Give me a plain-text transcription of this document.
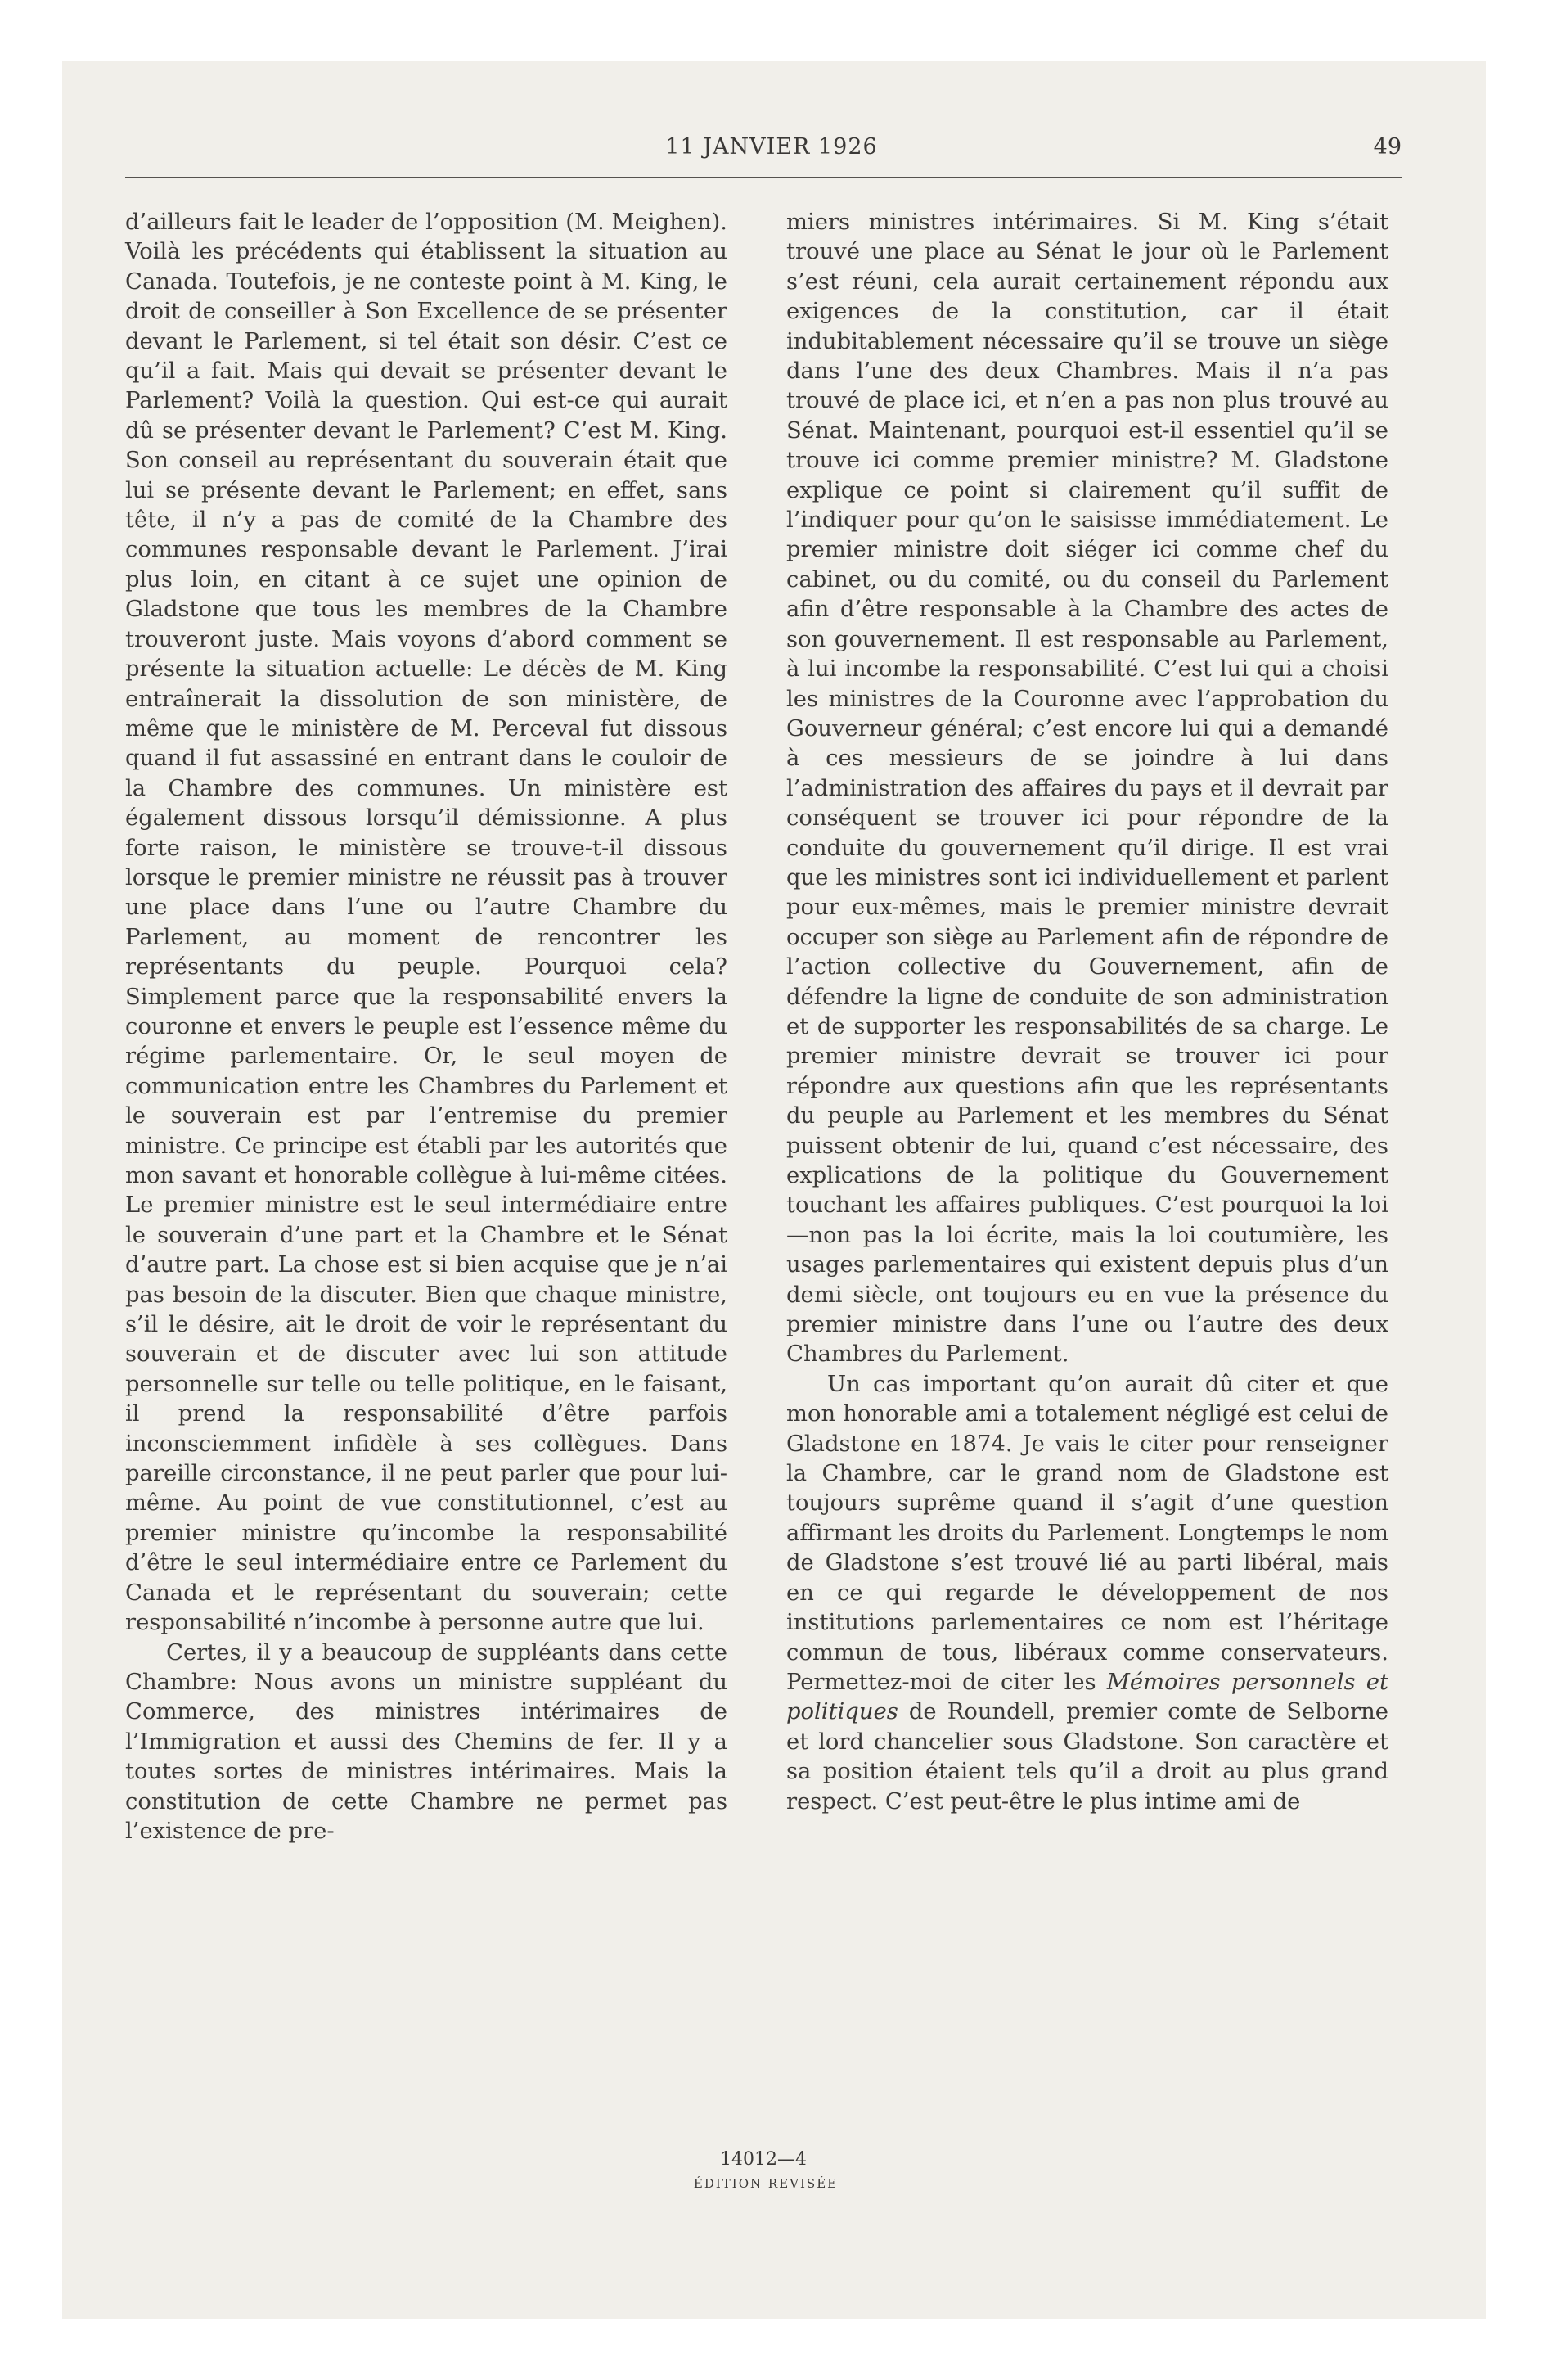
11 JANVIER 1926	49

d’ailleurs fait le leader de l’opposition (M. Meighen). Voilà les précédents qui établissent la situation au Canada. Toutefois, je ne conteste point à M. King, le droit de conseiller à Son Excellence de se présenter devant le Parlement, si tel était son désir. C’est ce qu’il a fait. Mais qui devait se présenter devant le Parlement? Voilà la question. Qui est-ce qui aurait dû se présenter devant le Parlement? C’est M. King. Son conseil au représentant du souverain était que lui se présente devant le Parlement; en effet, sans tête, il n’y a pas de comité de la Chambre des communes responsable devant le Parlement. J’irai plus loin, en citant à ce sujet une opinion de Gladstone que tous les membres de la Chambre trouveront juste. Mais voyons d’abord comment se présente la situation actuelle: Le décès de M. King entraînerait la dissolution de son ministère, de même que le ministère de M. Perceval fut dissous quand il fut assassiné en entrant dans le couloir de la Chambre des communes. Un ministère est également dissous lorsqu’il démissionne. A plus forte raison, le ministère se trouve-t-il dissous lorsque le premier ministre ne réussit pas à trouver une place dans l’une ou l’autre Chambre du Parlement, au moment de rencontrer les représentants du peuple. Pourquoi cela? Simplement parce que la responsabilité envers la couronne et envers le peuple est l’essence même du régime parlementaire. Or, le seul moyen de communication entre les Chambres du Parlement et le souverain est par l’entremise du premier ministre. Ce principe est établi par les autorités que mon savant et honorable collègue à lui-même citées. Le premier ministre est le seul intermédiaire entre le souverain d’une part et la Chambre et le Sénat d’autre part. La chose est si bien acquise que je n’ai pas besoin de la discuter. Bien que chaque ministre, s’il le désire, ait le droit de voir le représentant du souverain et de discuter avec lui son attitude personnelle sur telle ou telle politique, en le faisant, il prend la responsabilité d’être parfois inconsciemment infidèle à ses collègues. Dans pareille circonstance, il ne peut parler que pour lui-même. Au point de vue constitutionnel, c’est au premier ministre qu’incombe la responsabilité d’être le seul intermédiaire entre ce Parlement du Canada et le représentant du souverain; cette responsabilité n’incombe à personne autre que lui.

Certes, il y a beaucoup de suppléants dans cette Chambre: Nous avons un ministre suppléant du Commerce, des ministres intérimaires de l’Immigration et aussi des Chemins de fer. Il y a toutes sortes de ministres intérimaires. Mais la constitution de cette Chambre ne permet pas l’existence de pre-

miers ministres intérimaires. Si M. King s’était trouvé une place au Sénat le jour où le Parlement s’est réuni, cela aurait certainement répondu aux exigences de la constitution, car il était indubitablement nécessaire qu’il se trouve un siège dans l’une des deux Chambres. Mais il n’a pas trouvé de place ici, et n’en a pas non plus trouvé au Sénat. Maintenant, pourquoi est-il essentiel qu’il se trouve ici comme premier ministre? M. Gladstone explique ce point si clairement qu’il suffit de l’indiquer pour qu’on le saisisse immédiatement. Le premier ministre doit siéger ici comme chef du cabinet, ou du comité, ou du conseil du Parlement afin d’être responsable à la Chambre des actes de son gouvernement. Il est responsable au Parlement, à lui incombe la responsabilité. C’est lui qui a choisi les ministres de la Couronne avec l’approbation du Gouverneur général; c’est encore lui qui a demandé à ces messieurs de se joindre à lui dans l’administration des affaires du pays et il devrait par conséquent se trouver ici pour répondre de la conduite du gouvernement qu’il dirige. Il est vrai que les ministres sont ici individuellement et parlent pour eux-mêmes, mais le premier ministre devrait occuper son siège au Parlement afin de répondre de l’action collective du Gouvernement, afin de défendre la ligne de conduite de son administration et de supporter les responsabilités de sa charge. Le premier ministre devrait se trouver ici pour répondre aux questions afin que les représentants du peuple au Parlement et les membres du Sénat puissent obtenir de lui, quand c’est nécessaire, des explications de la politique du Gouvernement touchant les affaires publiques. C’est pourquoi la loi—non pas la loi écrite, mais la loi coutumière, les usages parlementaires qui existent depuis plus d’un demi siècle, ont toujours eu en vue la présence du premier ministre dans l’une ou l’autre des deux Chambres du Parlement.

Un cas important qu’on aurait dû citer et que mon honorable ami a totalement négligé est celui de Gladstone en 1874. Je vais le citer pour renseigner la Chambre, car le grand nom de Gladstone est toujours suprême quand il s’agit d’une question affirmant les droits du Parlement. Longtemps le nom de Gladstone s’est trouvé lié au parti libéral, mais en ce qui regarde le développement de nos institutions parlementaires ce nom est l’héritage commun de tous, libéraux comme conservateurs. Permettez-moi de citer les Mémoires personnels et politiques de Roundell, premier comte de Selborne et lord chancelier sous Gladstone. Son caractère et sa position étaient tels qu’il a droit au plus grand respect. C’est peut-être le plus intime ami de

14012—4
ÉDITION REVISÉE
